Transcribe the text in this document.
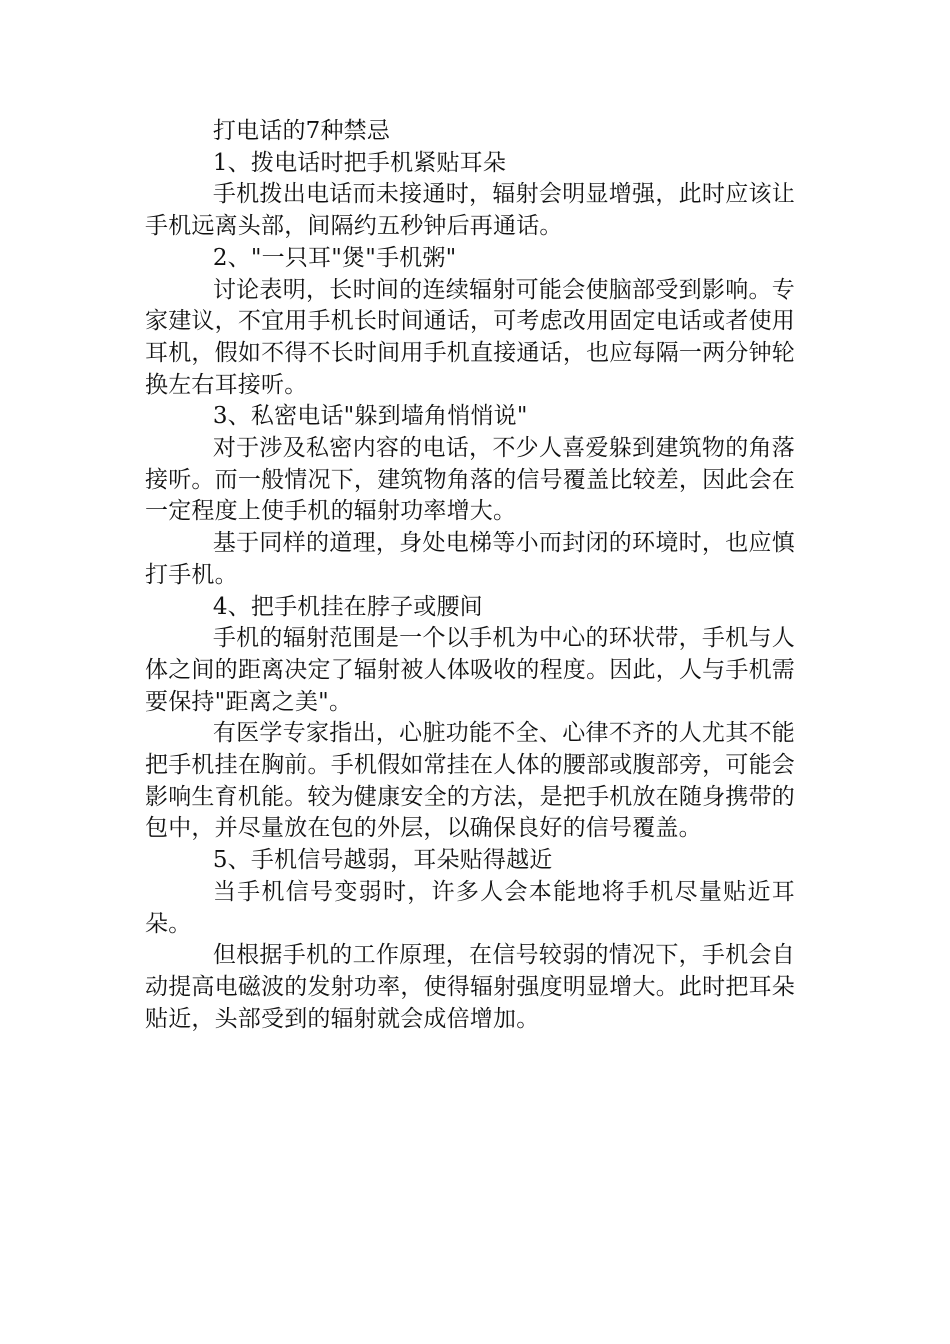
打电话的7种禁忌

1、拨电话时把手机紧贴耳朵

手机拨出电话而未接通时，辐射会明显增强，此时应该让手机远离头部，间隔约五秒钟后再通话。

2、"一只耳"煲"手机粥"

讨论表明，长时间的连续辐射可能会使脑部受到影响。专家建议，不宜用手机长时间通话，可考虑改用固定电话或者使用耳机，假如不得不长时间用手机直接通话，也应每隔一两分钟轮换左右耳接听。

3、私密电话"躲到墙角悄悄说"

对于涉及私密内容的电话，不少人喜爱躲到建筑物的角落接听。而一般情况下，建筑物角落的信号覆盖比较差，因此会在一定程度上使手机的辐射功率增大。

基于同样的道理，身处电梯等小而封闭的环境时，也应慎打手机。

4、把手机挂在脖子或腰间

手机的辐射范围是一个以手机为中心的环状带，手机与人体之间的距离决定了辐射被人体吸收的程度。因此，人与手机需要保持"距离之美"。

有医学专家指出，心脏功能不全、心律不齐的人尤其不能把手机挂在胸前。手机假如常挂在人体的腰部或腹部旁，可能会影响生育机能。较为健康安全的方法，是把手机放在随身携带的包中，并尽量放在包的外层，以确保良好的信号覆盖。

5、手机信号越弱，耳朵贴得越近

当手机信号变弱时，许多人会本能地将手机尽量贴近耳朵。

但根据手机的工作原理，在信号较弱的情况下，手机会自动提高电磁波的发射功率，使得辐射强度明显增大。此时把耳朵贴近，头部受到的辐射就会成倍增加。
